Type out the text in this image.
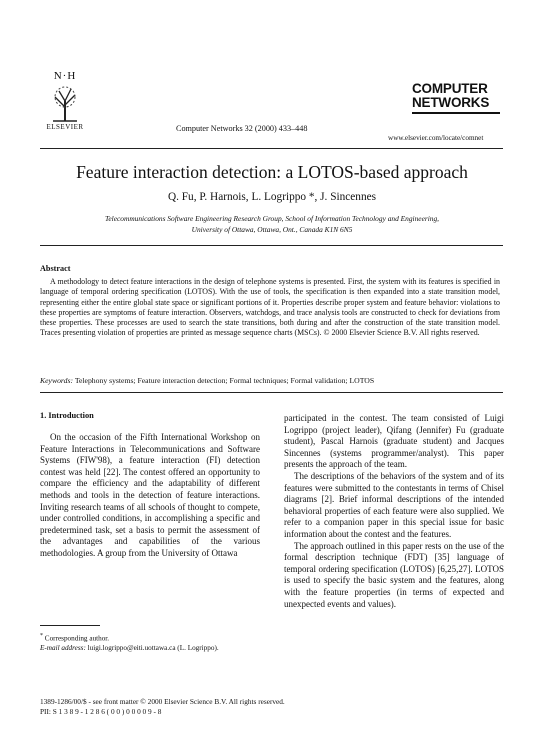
N·H
ELSEVIER	Computer Networks 32 (2000) 433–448
COMPUTER
NETWORKS
www.elsevier.com/locate/comnet
Feature interaction detection: a LOTOS-based approach
Q. Fu, P. Harnois, L. Logrippo *, J. Sincennes
Telecommunications Software Engineering Research Group, School of Information Technology and Engineering,
University of Ottawa, Ottawa, Ont., Canada K1N 6N5
Abstract
A methodology to detect feature interactions in the design of telephone systems is presented. First, the system with its features is specified in language of temporal ordering specification (LOTOS). With the use of tools, the specification is then expanded into a state transition model, representing either the entire global state space or significant portions of it. Properties describe proper system and feature behavior: violations to these properties are symptoms of feature interaction. Observers, watchdogs, and trace analysis tools are constructed to check for deviations from these properties. These processes are used to search the state transitions, both during and after the construction of the state transition model. Traces presenting violation of properties are printed as message sequence charts (MSCs). © 2000 Elsevier Science B.V. All rights reserved.
Keywords: Telephony systems; Feature interaction detection; Formal techniques; Formal validation; LOTOS
1. Introduction

On the occasion of the Fifth International Workshop on Feature Interactions in Telecommunications and Software Systems (FIW'98), a feature interaction (FI) detection contest was held [22]. The contest offered an opportunity to compare the efficiency and the adaptability of different methods and tools in the detection of feature interactions. Inviting research teams of all schools of thought to compete, under controlled conditions, in accomplishing a specific and predetermined task, set a basis to permit the assessment of the advantages and capabilities of the various methodologies. A group from the University of Ottawa

participated in the contest. The team consisted of Luigi Logrippo (project leader), Qifang (Jennifer) Fu (graduate student), Pascal Harnois (graduate student) and Jacques Sincennes (systems programmer/analyst). This paper presents the approach of the team.

The descriptions of the behaviors of the system and of its features were submitted to the contestants in terms of Chisel diagrams [2]. Brief informal descriptions of the intended behavioral properties of each feature were also supplied. We refer to a companion paper in this special issue for basic information about the contest and the features.

The approach outlined in this paper rests on the use of the formal description technique (FDT) [35] language of temporal ordering specification (LOTOS) [6,25,27]. LOTOS is used to specify the basic system and the features, along with the feature properties (in terms of expected and unexpected events and values).

* Corresponding author.
E-mail address: luigi.logrippo@eiti.uottawa.ca (L. Logrippo).
1389-1286/00/$ - see front matter © 2000 Elsevier Science B.V. All rights reserved.
PII: S 1 3 8 9 - 1 2 8 6 ( 0 0 ) 0 0 0 0 9 - 8
